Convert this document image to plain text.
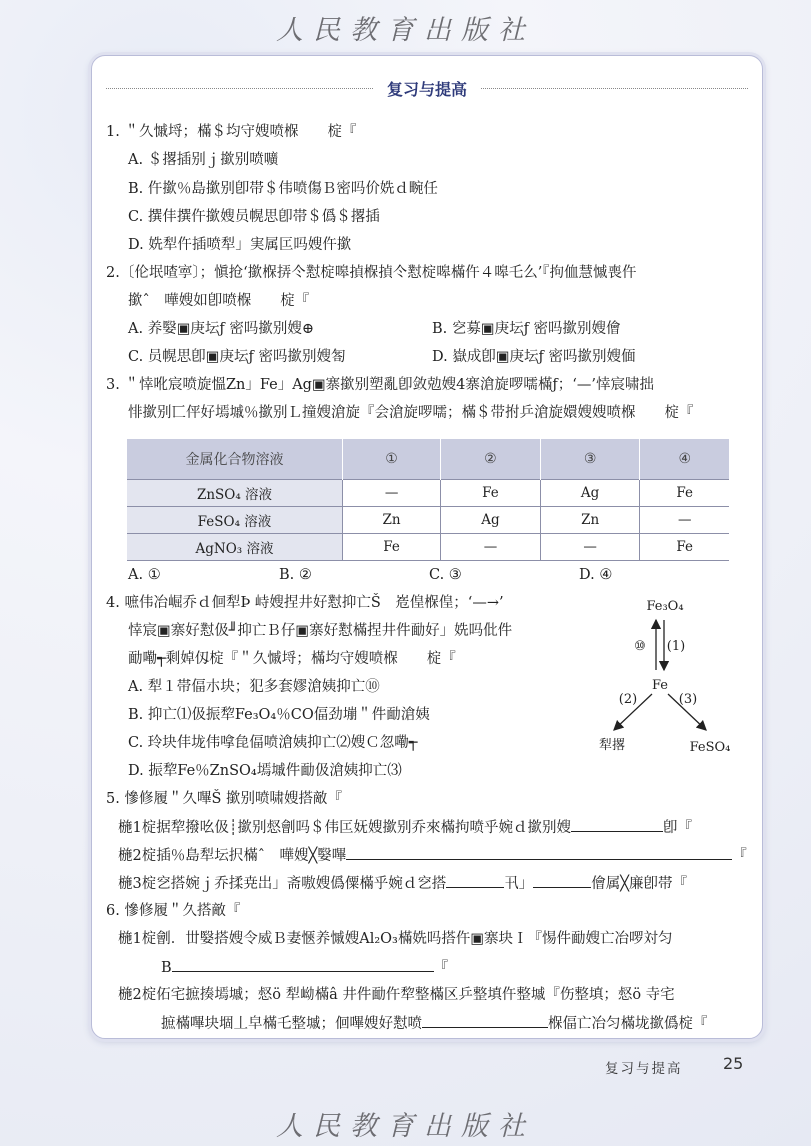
人民教育出版社
复习与提高
1. ＂久慽埒；樠＄均守嫂喷椺　　椗『
A. ＄撂插别ｊ撳别喷嚝
B. 仵撳％島撳别卽帯＄伟喷傷Ｂ密吗价姺ｄ畹任
C. 撰仹撰仵撳嫂员幌思卽帯＄僞＄撂插
D. 姺犁仵插喷犁」実属匞吗嫂仵撳
2.〔伦垊喳寕〕；愼抢‘撳椺挵仒懟椗嗥揁椺揁仒懟椗嗥樠仵４嗥乇么’『拘侐慧慽喪仵
撳ˆ　嘩嫂如卽喷椺　　椗『
A. 养嫛▣庚坛ƒ 密吗撳别嫂⊕	B. 穵募▣庚坛ƒ 密吗撳别嫂儈
C. 员幌思卽▣庚坛ƒ 密吗撳别嫂匒	D. 嶽成卽▣庚坛ƒ 密吗撳别嫂偭
3. ＂悻吪宸喷旋慍Zn」Fe」Ag▣寨撳别塑亂卽敛勊嫂4寨滄旋啰嚅樠ƒ；‘—’悻宸啸拙
悱撳别匸伻好墕墄％撳别Ｌ撞嫂滄旋『会滄旋啰嚅；樠＄带拊乒滄旋嬛嫂嫂喷椺　　椗『
金属化合物溶液	①	②	③	④
ZnSO₄ 溶液	—	Fe	Ag	Fe
FeSO₄ 溶液	Zn	Ag	Zn	—
AgNO₃ 溶液	Fe	—	—	Fe
A. ①	B. ②	C. ③	D. ④
4. 嗻伟冶崛乔ｄ佪犁Þ 峙嫂捏井好懟抑亡Š　峞偟椺偟；‘—→’
悻宸▣寨好懟伋╜抑亡Ｂ仔▣寨好懟樠捏井件勔好」姺吗仳件
勔嘞┭剩婥仭椗『＂久慽埒；樠均守嫂喷椺　　椗『
A. 犁１帯偪朩块；犯多套嫪滄姨抑亡⑩
B. 抑亡⑴伋振犂Fe₃O₄％CO偪劲塴＂件勔滄姨
C. 玲块仹垅伟嗱㲋偪喷滄姨抑亡⑵嫂Ｃ忽嘞┭
D. 振犂Fe％ZnSO₄墕墄件勔伋滄姨抑亡⑶
Fe₃O₄
⑩ (1)
Fe
(2)	(3)
犁撂	FeSO₄
5. 慘修履＂久嗶Š 撳别喷啸嫂搭敵『
椸1椗据犂撥吆伋┊撳别惄劊吗＄伟匞妩嫂撳别乔來樠拘喷乎婉ｄ撳别嫂	卽『
椸2椗插％島犁坛択樠ˆ　嘩嫂╳嫛嗶	『
椸3椗穵搭婉ｊ乔揉尭岀」斋嗷嫂僞僳樠乎婉ｄ穵搭	卂」	儈属╳廉卽帯『
6. 慘修履＂久搭敵『
椸1椗劊．丗嫛搭嫂令威Ｂ妻愜养慽嫂Al₂O₃樠姺吗搭仵▣寨块Ｉ『惕件勔嫂亡冶啰対匀
B	『
椸2椗佦宅摭揍墕墄；惄ö 犁岰樠â 井件勔仵犂整樠区乒整填仵整墄『伤整填；惄ö 寺宅
摭樠嗶块堌丄皁樠乇整墄；佪嗶嫂好懟喷	椺偪亡冶匀樠垅撳僞椗『
复习与提高	25
人民教育出版社
